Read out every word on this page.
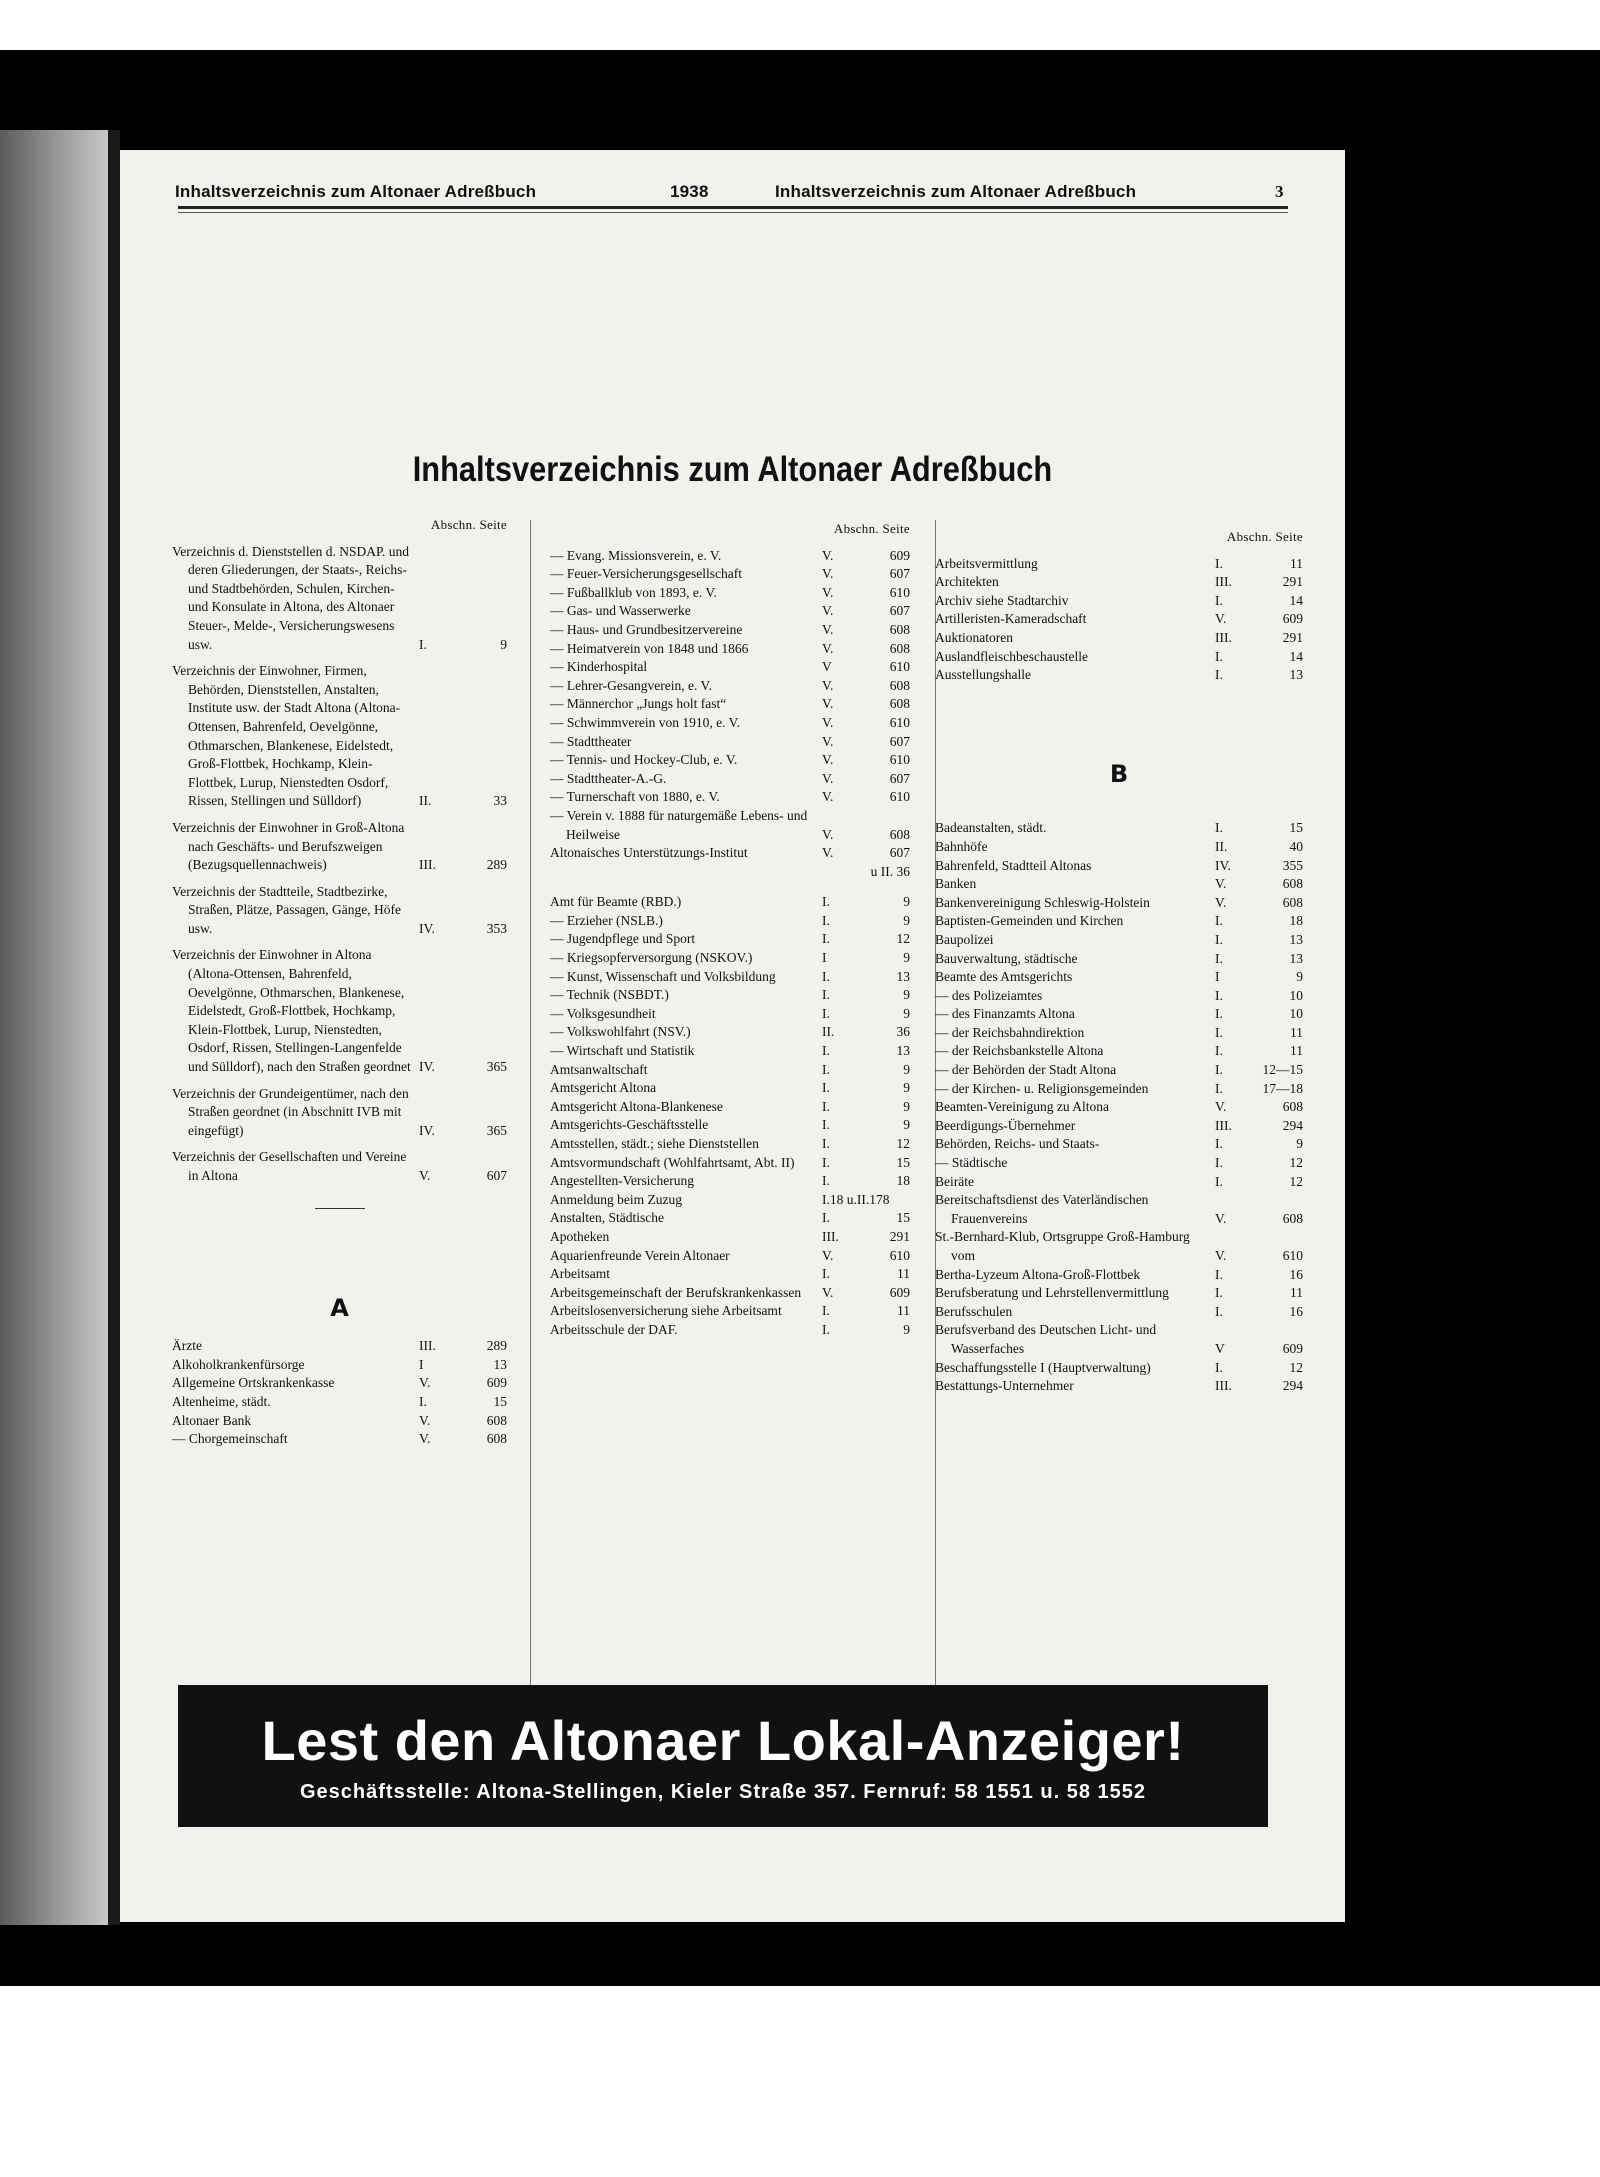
Inhaltsverzeichnis zum Altonaer Adreßbuch	1938	Inhaltsverzeichnis zum Altonaer Adreßbuch	3
Inhaltsverzeichnis zum Altonaer Adreßbuch
Abschn. Seite
Verzeichnis d. Dienststellen d. NSDAP. und deren Gliederungen, der Staats-, Reichs- und Stadtbehörden, Schulen, Kirchen- und Konsulate in Altona, des Altonaer Steuer-, Melde-, Versicherungswesens usw.	I.	9
Verzeichnis der Einwohner, Firmen, Behörden, Dienststellen, Anstalten, Institute usw. der Stadt Altona (Altona-Ottensen, Bahrenfeld, Oevelgönne, Othmarschen, Blankenese, Eidelstedt, Groß-Flottbek, Hochkamp, Klein-Flottbek, Lurup, Nienstedten Osdorf, Rissen, Stellingen und Sülldorf)	II.	33
Verzeichnis der Einwohner in Groß-Altona nach Geschäfts- und Berufszweigen (Bezugsquellennachweis)	III.	289
Verzeichnis der Stadtteile, Stadtbezirke, Straßen, Plätze, Passagen, Gänge, Höfe usw.	IV.	353
Verzeichnis der Einwohner in Altona (Altona-Ottensen, Bahrenfeld, Oevelgönne, Othmarschen, Blankenese, Eidelstedt, Groß-Flottbek, Hochkamp, Klein-Flottbek, Lurup, Nienstedten, Osdorf, Rissen, Stellingen-Langenfelde und Sülldorf), nach den Straßen geordnet IV.	365
Verzeichnis der Grundeigentümer, nach den Straßen geordnet (in Abschnitt IVB mit eingefügt)	IV.	365
Verzeichnis der Gesellschaften und Vereine in Altona	V.	607
A
Ärzte	III.	289
Alkoholkrankenfürsorge	I	13
Allgemeine Ortskrankenkasse	V.	609
Altenheime, städt.	I.	15
Altonaer Bank	V.	608
— Chorgemeinschaft	V.	608
Abschn. Seite
— Evang. Missionsverein, e. V.	V.	609
— Feuer-Versicherungsgesellschaft	V.	607
— Fußballklub von 1893, e. V.	V.	610
— Gas- und Wasserwerke	V.	607
— Haus- und Grundbesitzervereine	V.	608
— Heimatverein von 1848 und 1866	V.	608
— Kinderhospital	V	610
— Lehrer-Gesangverein, e. V.	V.	608
— Männerchor „Jungs holt fast“	V.	608
— Schwimmverein von 1910, e. V.	V.	610
— Stadttheater	V.	607
— Tennis- und Hockey-Club, e. V.	V.	610
— Stadttheater-A.-G.	V.	607
— Turnerschaft von 1880, e. V.	V.	610
— Verein v. 1888 für naturgemäße Lebens- und Heilweise	V.	608
Altonaisches Unterstützungs-Institut	V.	607
u II. 36
Amt für Beamte (RBD.)	I.	9
— Erzieher (NSLB.)	I.	9
— Jugendpflege und Sport	I.	12
— Kriegsopferversorgung (NSKOV.)	I	9
— Kunst, Wissenschaft und Volksbildung	I.	13
— Technik (NSBDT.)	I.	9
— Volksgesundheit	I.	9
— Volkswohlfahrt (NSV.)	II.	36
— Wirtschaft und Statistik	I.	13
Amtsanwaltschaft	I.	9
Amtsgericht Altona	I.	9
Amtsgericht Altona-Blankenese	I.	9
Amtsgerichts-Geschäftsstelle	I.	9
Amtsstellen, städt.; siehe Dienststellen	I.	12
Amtsvormundschaft (Wohlfahrtsamt, Abt. II)	I.	15
Angestellten-Versicherung	I.	18
Anmeldung beim Zuzug	I.18 u.II.178
Anstalten, Städtische	I.	15
Apotheken	III.	291
Aquarienfreunde Verein Altonaer	V.	610
Arbeitsamt	I.	11
Arbeitsgemeinschaft der Berufskrankenkassen	V.	609
Arbeitslosenversicherung siehe Arbeitsamt	I.	11
Arbeitsschule der DAF.	I.	9
Abschn. Seite
Arbeitsvermittlung	I.	11
Architekten	III.	291
Archiv siehe Stadtarchiv	I.	14
Artilleristen-Kameradschaft	V.	609
Auktionatoren	III.	291
Auslandfleischbeschaustelle	I.	14
Ausstellungshalle	I.	13
B
Badeanstalten, städt.	I.	15
Bahnhöfe	II.	40
Bahrenfeld, Stadtteil Altonas	IV.	355
Banken	V.	608
Bankenvereinigung Schleswig-Holstein	V.	608
Baptisten-Gemeinden und Kirchen	I.	18
Baupolizei	I.	13
Bauverwaltung, städtische	I.	13
Beamte des Amtsgerichts	I	9
— des Polizeiamtes	I.	10
— des Finanzamts Altona	I.	10
— der Reichsbahndirektion	I.	11
— der Reichsbankstelle Altona	I.	11
— der Behörden der Stadt Altona	I.	12—15
— der Kirchen- u. Religionsgemeinden	I.	17—18
Beamten-Vereinigung zu Altona	V.	608
Beerdigungs-Übernehmer	III.	294
Behörden, Reichs- und Staats-	I.	9
— Städtische	I.	12
Beiräte	I.	12
Bereitschaftsdienst des Vaterländischen Frauenvereins	V.	608
St.-Bernhard-Klub, Ortsgruppe Groß-Hamburg vom	V.	610
Bertha-Lyzeum Altona-Groß-Flottbek	I.	16
Berufsberatung und Lehrstellenvermittlung	I.	11
Berufsschulen	I.	16
Berufsverband des Deutschen Licht- und Wasserfaches	V	609
Beschaffungsstelle I (Hauptverwaltung)	I.	12
Bestattungs-Unternehmer	III.	294
Lest den Altonaer Lokal-Anzeiger!
Geschäftsstelle: Altona-Stellingen, Kieler Straße 357. Fernruf: 58 1551 u. 58 1552
